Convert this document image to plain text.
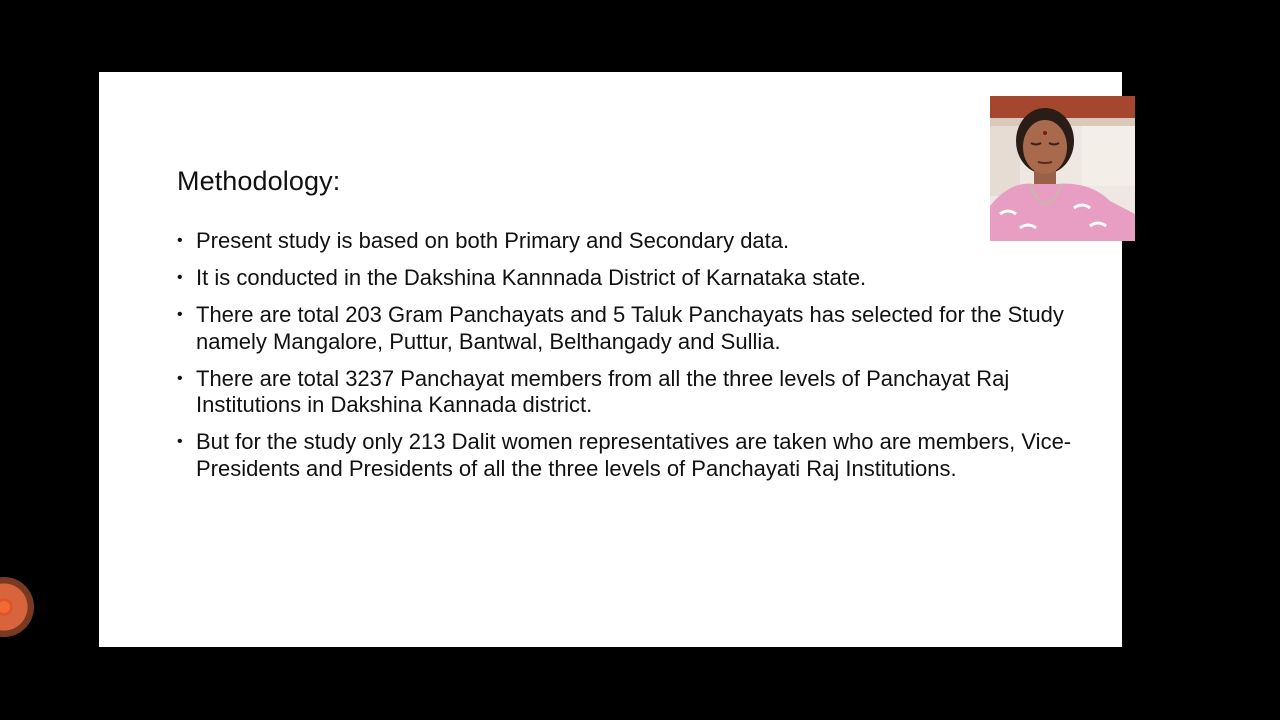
Methodology:
• Present study is based on both Primary and Secondary data.
• It is conducted in the Dakshina Kannnada District of Karnataka state.
• There are total 203 Gram Panchayats and 5 Taluk Panchayats has selected for the Study namely Mangalore, Puttur, Bantwal, Belthangady and Sullia.
• There are total 3237 Panchayat members from all the three levels of Panchayat Raj Institutions in Dakshina Kannada district.
• But for the study only 213 Dalit women representatives are taken who are members, Vice-Presidents and Presidents of all the three levels of Panchayati Raj Institutions.
